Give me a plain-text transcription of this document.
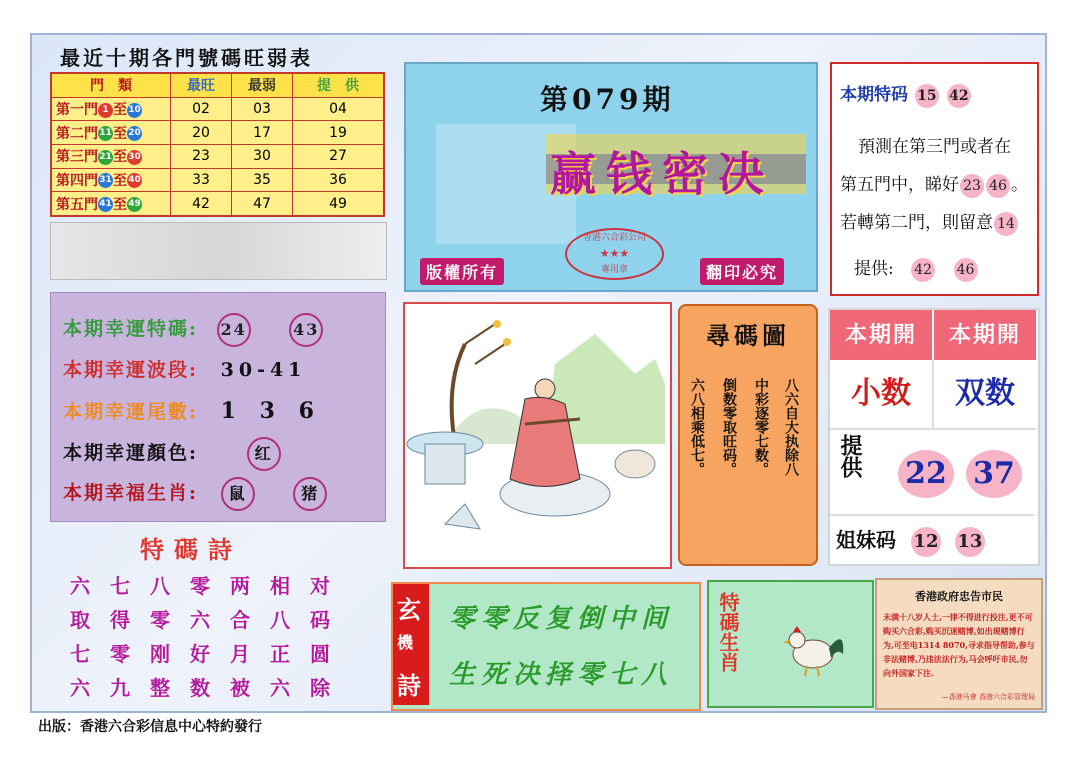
最近十期各門號碼旺弱表
門　類	最旺	最弱	提　供
第一門 1 至10	02	03	04
第二門11至20	20	17	19
第三門21至30	23	30	27
第四門31至40	33	35	36
第五門41至49	42	47	49
本期幸運特碼: 24	43
本期幸運波段: 30-41
本期幸運尾數: 1 3 6
本期幸運顏色:	红
本期幸福生肖: 鼠	猪
特碼詩
六七八零两相对
取得零六合八码
七零刚好月正圆
六九整数被六除
第079期
赢钱密决
版權所有	翻印必究
香港六合彩公司
★★★
專用章
本期特码 15 42
預測在第三門或者在
第五門中，睇好 23 46 。
若轉第二門，則留意 14
提供: 42 46
尋碼圖
六八相乘低七。	倒数零取旺码。	中彩逐零七数。	八六自大执除八
本期開	本期開
小数	双数
提供 22 37
姐妹码 12 13
玄
機
詩
零零反复倒中间
生死决择零七八
特碼生肖	香港政府忠告市民
未满十八岁人士,一律不得进行投注,更不可购买六合彩,购买沉迷赌博,如出现赌博行为,可至电1314 8070,寻求指导帮助,参与非法赌博,乃违法法行为,马会呼吁市民,勿向外国家下注.
—香港马會 香港六合彩管理局
出版：香港六合彩信息中心特約發行
